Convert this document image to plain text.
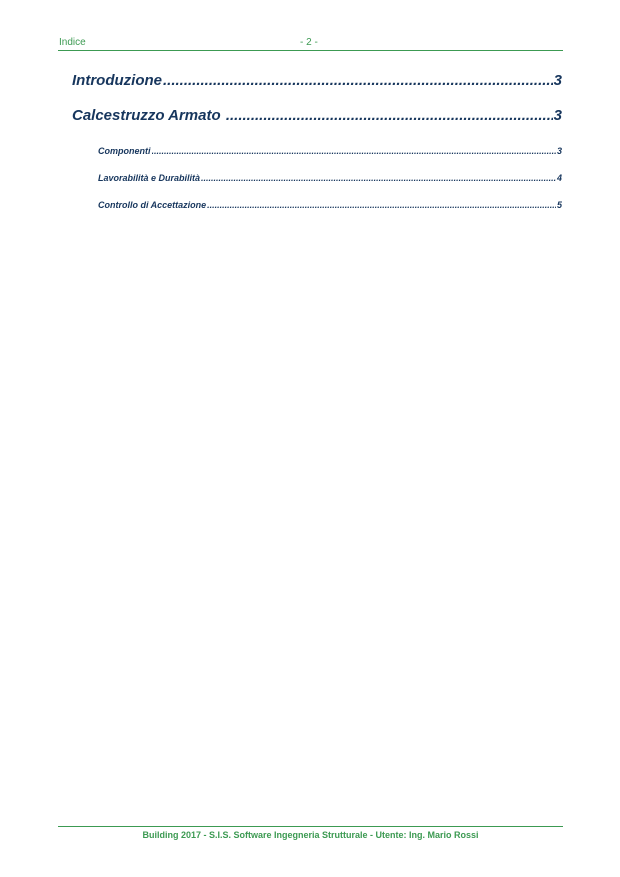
Indice	- 2 -
Introduzione .....	3
Calcestruzzo Armato .....	3
Componenti .....	3
Lavorabilità e Durabilità .....	4
Controllo di Accettazione .....	5
Building 2017 - S.I.S. Software Ingegneria Strutturale - Utente: Ing. Mario Rossi
